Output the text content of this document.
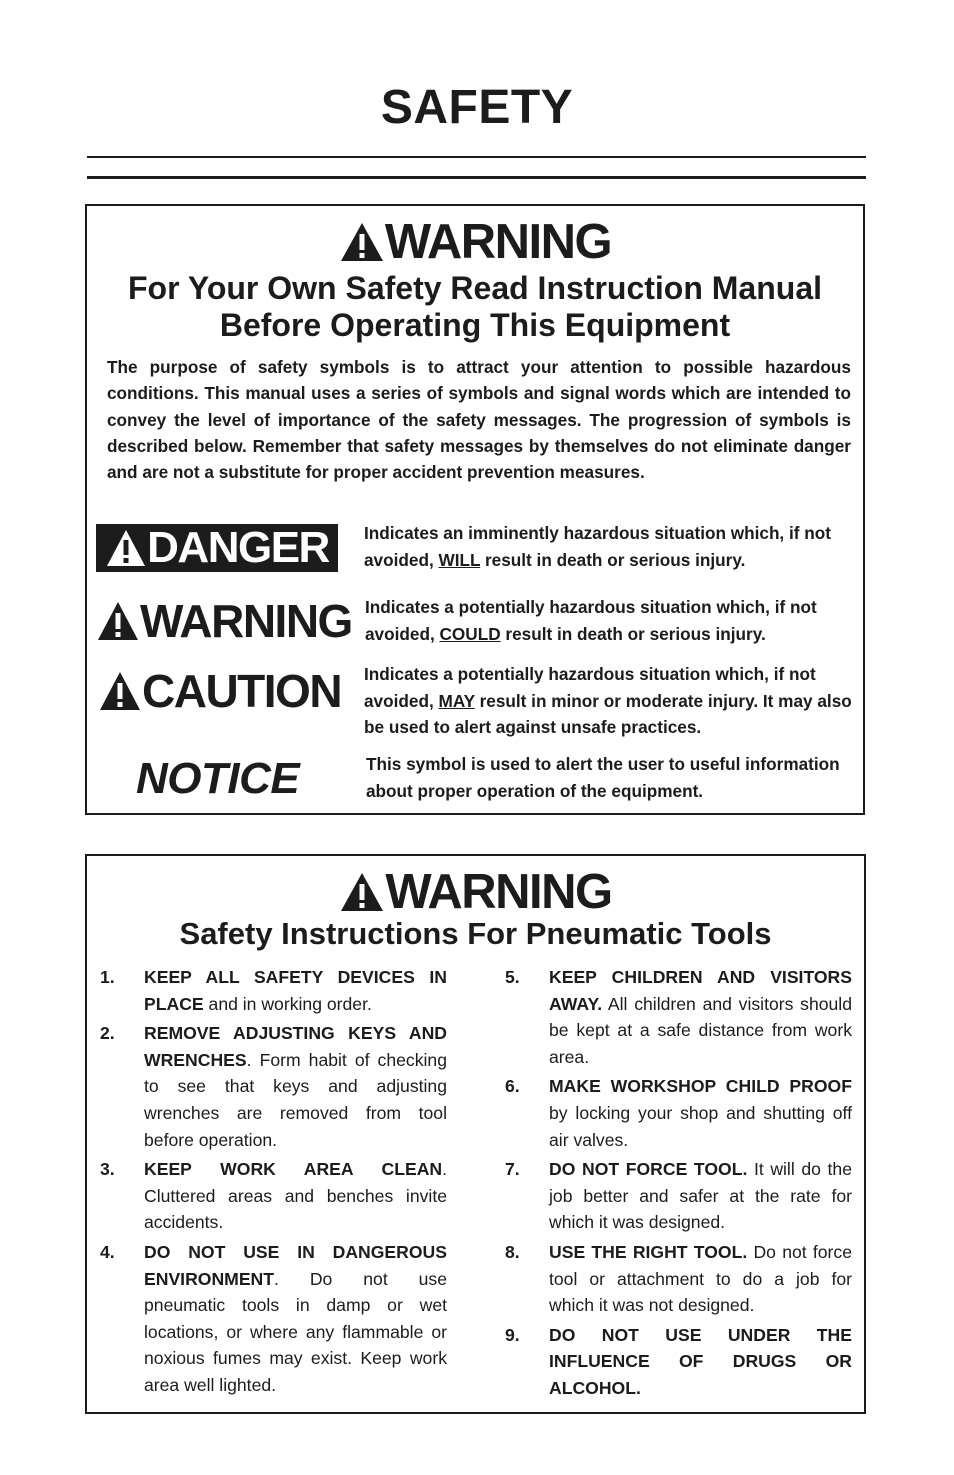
SAFETY
WARNING
For Your Own Safety Read Instruction Manual
Before Operating This Equipment
The purpose of safety symbols is to attract your attention to possible hazardous conditions. This manual uses a series of symbols and signal words which are intended to convey the level of importance of the safety messages. The progression of symbols is described below. Remember that safety messages by themselves do not eliminate danger and are not a substitute for proper accident prevention measures.
DANGER Indicates an imminently hazardous situation which, if not avoided, WILL result in death or serious injury.
WARNING Indicates a potentially hazardous situation which, if not avoided, COULD result in death or serious injury.
CAUTION Indicates a potentially hazardous situation which, if not avoided, MAY result in minor or moderate injury. It may also be used to alert against unsafe practices.
NOTICE	This symbol is used to alert the user to useful information about proper operation of the equipment.
WARNING
Safety Instructions For Pneumatic Tools
1. KEEP ALL SAFETY DEVICES IN PLACE and in working order.
2. REMOVE ADJUSTING KEYS AND WRENCHES. Form habit of checking to see that keys and adjusting wrenches are removed from tool before operation.
3. KEEP WORK AREA CLEAN. Cluttered areas and benches invite accidents.
4. DO NOT USE IN DANGEROUS ENVIRONMENT. Do not use pneumatic tools in damp or wet locations, or where any flammable or noxious fumes may exist. Keep work area well lighted.
5. KEEP CHILDREN AND VISITORS AWAY. All children and visitors should be kept at a safe distance from work area.
6. MAKE WORKSHOP CHILD PROOF by locking your shop and shutting off air valves.
7. DO NOT FORCE TOOL. It will do the job better and safer at the rate for which it was designed.
8. USE THE RIGHT TOOL. Do not force tool or attachment to do a job for which it was not designed.
9. DO NOT USE UNDER THE INFLUENCE OF DRUGS OR ALCOHOL.
